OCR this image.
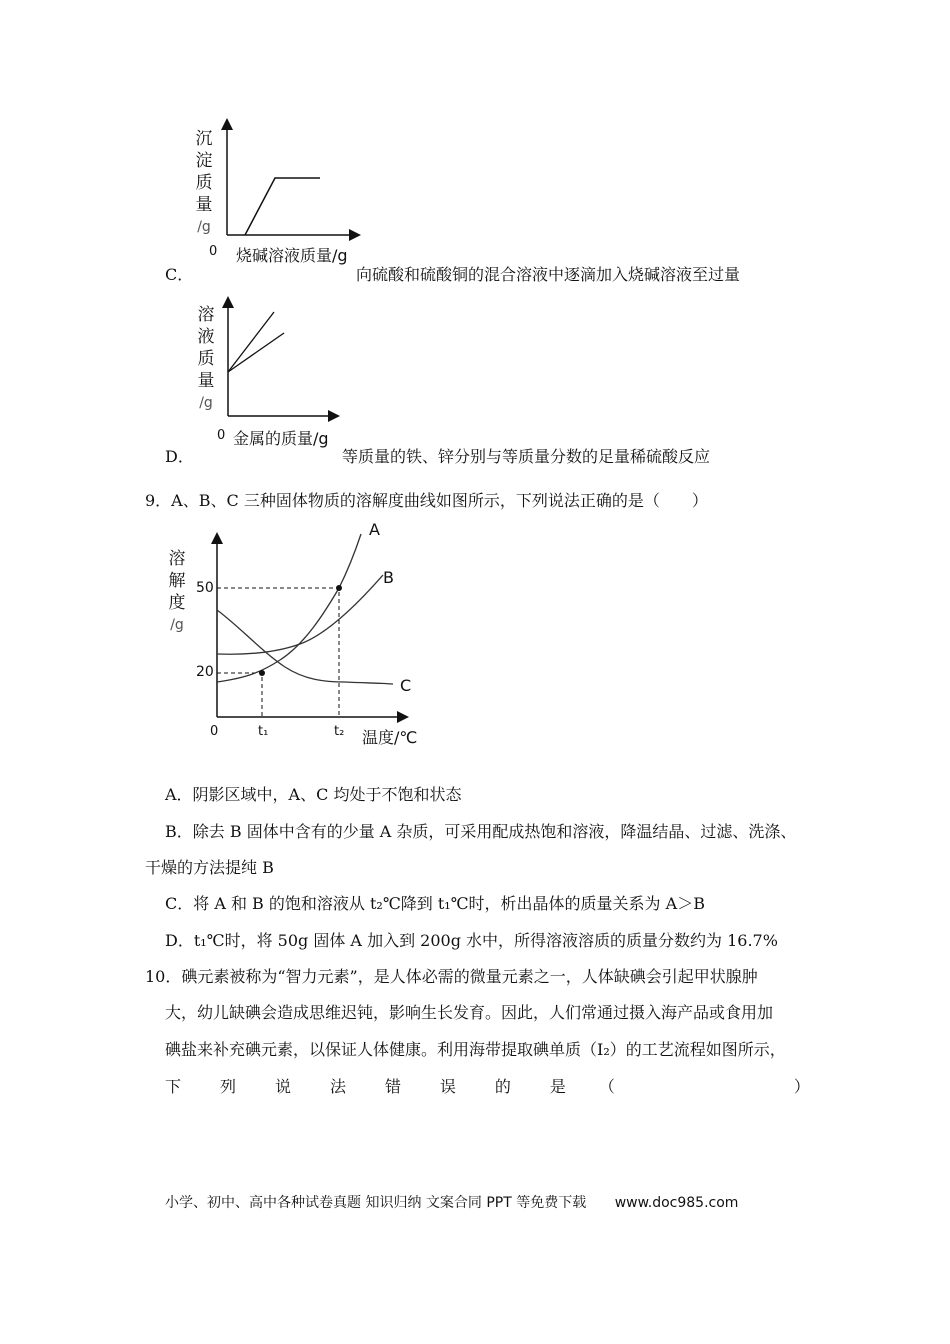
沉
淀
质
量
/g
0 烧碱溶液质量/g
C．	向硫酸和硫酸铜的混合溶液中逐滴加入烧碱溶液至过量
溶
液
质
量
/g
0 金属的质量/g
D．	等质量的铁、锌分别与等质量分数的足量稀硫酸反应
9．A、B、C 三种固体物质的溶解度曲线如图所示，下列说法正确的是（　　）
溶
解
度
/g
50
20
A
B
C
0	t₁	t₂ 温度/℃
A．阴影区域中，A、C 均处于不饱和状态
B．除去 B 固体中含有的少量 A 杂质，可采用配成热饱和溶液，降温结晶、过滤、洗涤、
干燥的方法提纯 B
C．将 A 和 B 的饱和溶液从 t₂℃降到 t₁℃时，析出晶体的质量关系为 A＞B
D．t₁℃时，将 50g 固体 A 加入到 200g 水中，所得溶液溶质的质量分数约为 16.7%
10．碘元素被称为“智力元素”，是人体必需的微量元素之一，人体缺碘会引起甲状腺肿
大，幼儿缺碘会造成思维迟钝，影响生长发育。因此，人们常通过摄入海产品或食用加
碘盐来补充碘元素，以保证人体健康。利用海带提取碘单质（I₂）的工艺流程如图所示，
下 列 说 法 错 误 的 是 （	）
小学、初中、高中各种试卷真题 知识归纳 文案合同 PPT 等免费下载 www.doc985.com
